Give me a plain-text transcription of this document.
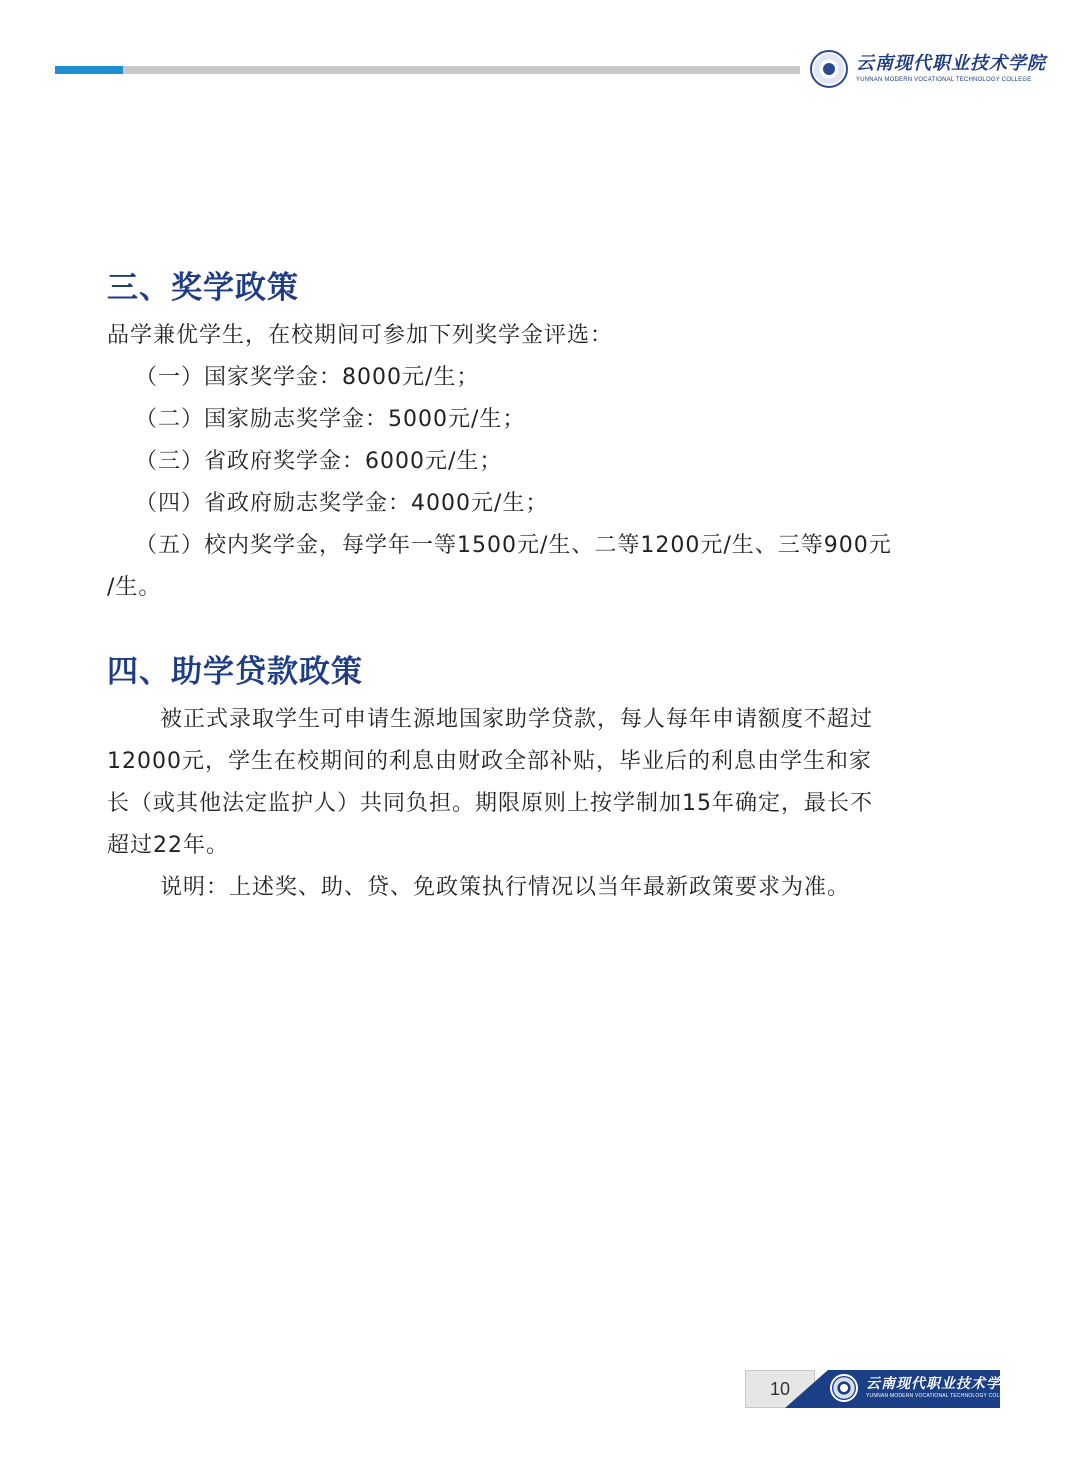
云南现代职业技术学院
YUNNAN MODERN VOCATIONAL TECHNOLOGY COLLEGE
三、奖学政策
品学兼优学生，在校期间可参加下列奖学金评选：
（一）国家奖学金：8000元/生；
（二）国家励志奖学金：5000元/生；
（三）省政府奖学金：6000元/生；
（四）省政府励志奖学金：4000元/生；
（五）校内奖学金，每学年一等1500元/生、二等1200元/生、三等900元
/生。
四、助学贷款政策
被正式录取学生可申请生源地国家助学贷款，每人每年申请额度不超过
12000元，学生在校期间的利息由财政全部补贴，毕业后的利息由学生和家
长（或其他法定监护人）共同负担。期限原则上按学制加15年确定，最长不
超过22年。
说明：上述奖、助、贷、免政策执行情况以当年最新政策要求为准。
10	云南现代职业技术学院
YUNNAN MODERN VOCATIONAL TECHNOLOGY COLLEGE
